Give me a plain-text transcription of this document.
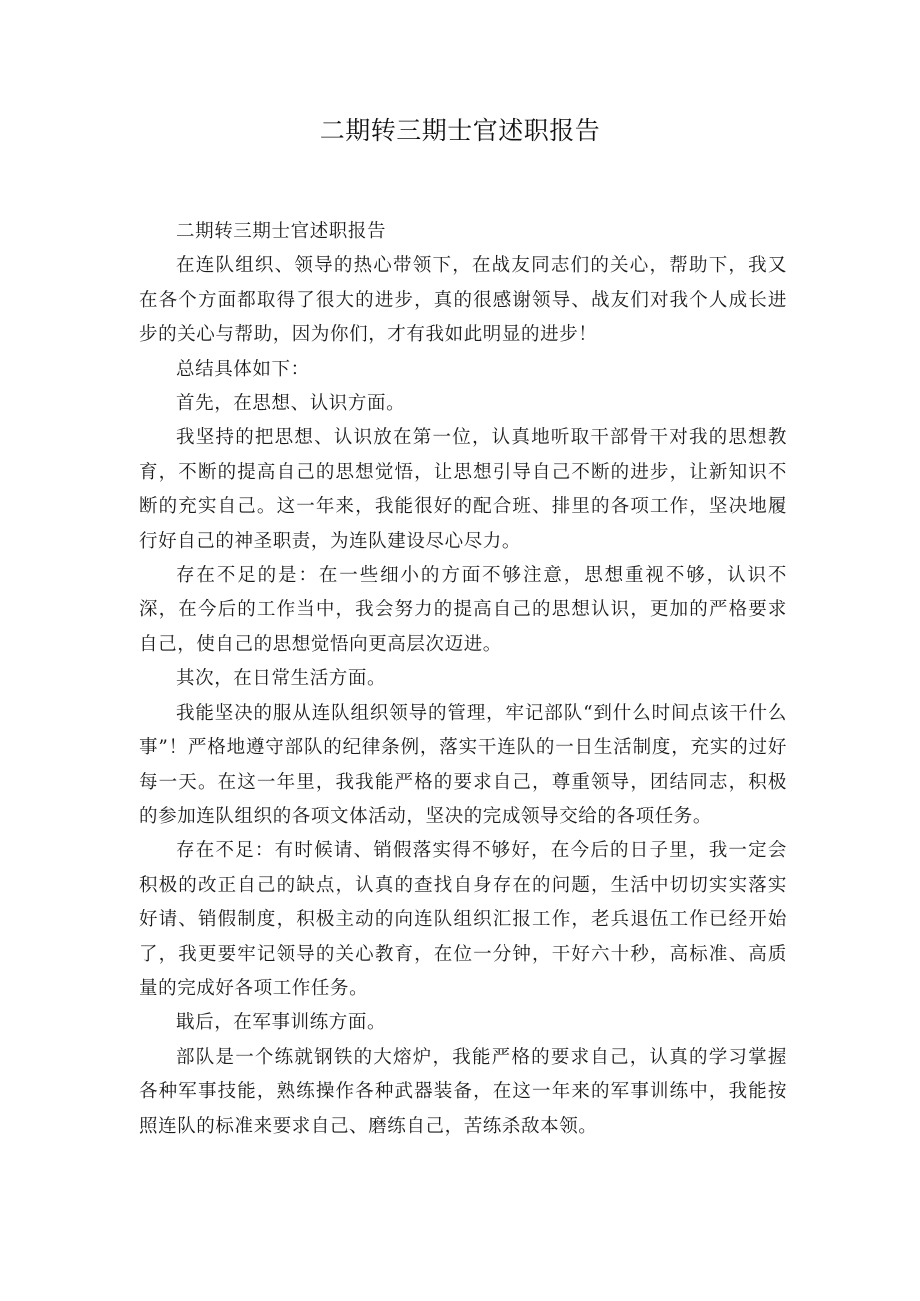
二期转三期士官述职报告

二期转三期士官述职报告

在连队组织、领导的热心带领下，在战友同志们的关心，帮助下，我又在各个方面都取得了很大的进步，真的很感谢领导、战友们对我个人成长进步的关心与帮助，因为你们，才有我如此明显的进步！

总结具体如下：

首先，在思想、认识方面。

我坚持的把思想、认识放在第一位，认真地听取干部骨干对我的思想教育，不断的提高自己的思想觉悟，让思想引导自己不断的进步，让新知识不断的充实自己。这一年来，我能很好的配合班、排里的各项工作，坚决地履行好自己的神圣职责，为连队建设尽心尽力。

存在不足的是：在一些细小的方面不够注意，思想重视不够，认识不深，在今后的工作当中，我会努力的提高自己的思想认识，更加的严格要求自己，使自己的思想觉悟向更高层次迈进。

其次，在日常生活方面。

我能坚决的服从连队组织领导的管理，牢记部队“到什么时间点该干什么事”！严格地遵守部队的纪律条例，落实干连队的一日生活制度，充实的过好每一天。在这一年里，我我能严格的要求自己，尊重领导，团结同志，积极的参加连队组织的各项文体活动，坚决的完成领导交给的各项任务。

存在不足：有时候请、销假落实得不够好，在今后的日子里，我一定会积极的改正自己的缺点，认真的查找自身存在的问题，生活中切切实实落实好请、销假制度，积极主动的向连队组织汇报工作，老兵退伍工作已经开始了，我更要牢记领导的关心教育，在位一分钟，干好六十秒，高标准、高质量的完成好各项工作任务。

戢后，在军事训练方面。

部队是一个练就钢铁的大熔炉，我能严格的要求自己，认真的学习掌握各种军事技能，熟练操作各种武器装备，在这一年来的军事训练中，我能按照连队的标准来要求自己、磨练自己，苦练杀敌本领。
